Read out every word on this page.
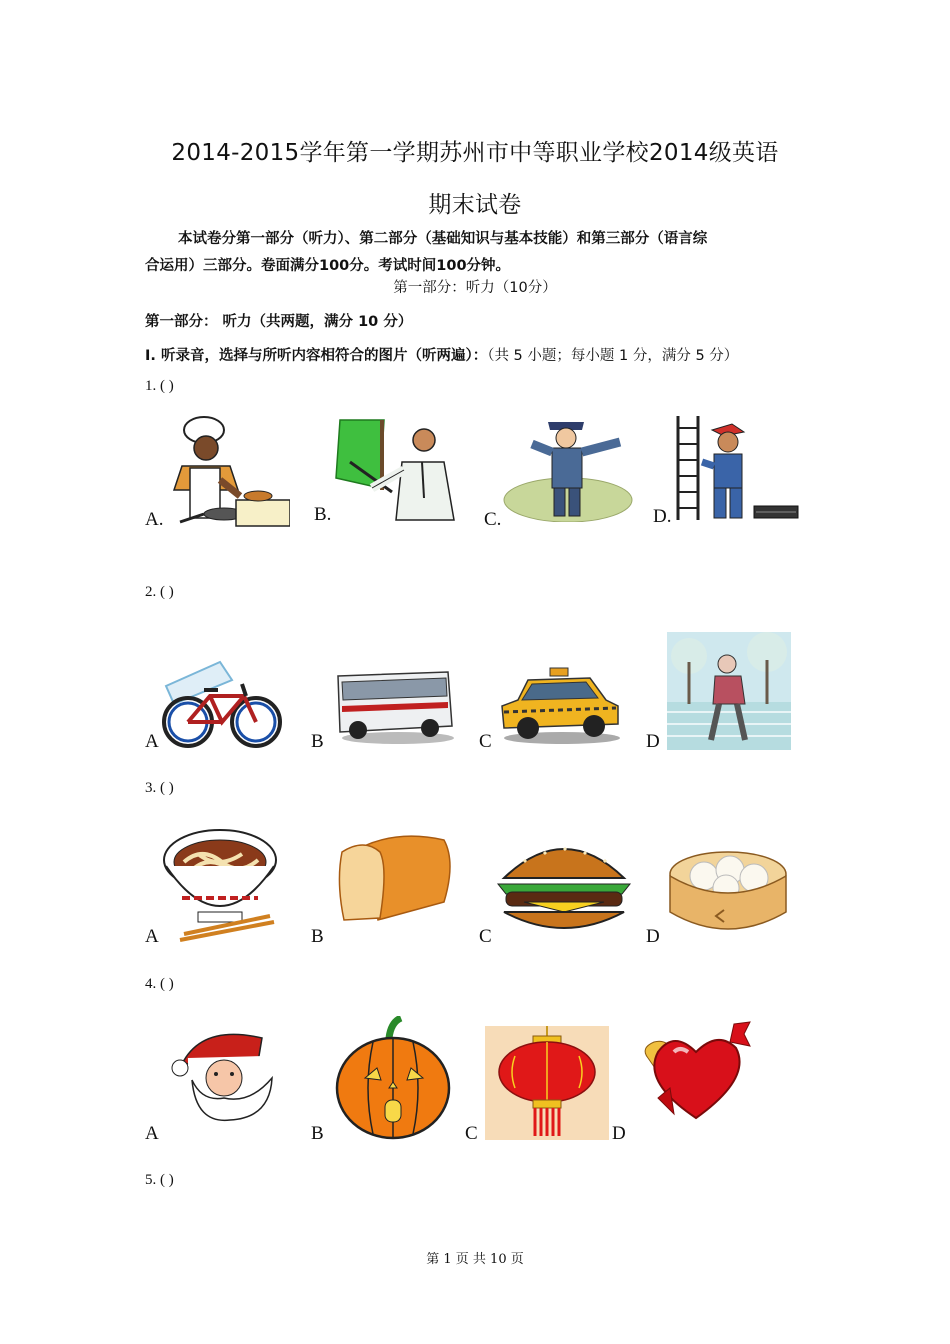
2014-2015学年第一学期苏州市中等职业学校2014级英语
期末试卷
本试卷分第一部分（听力）、第二部分（基础知识与基本技能）和第三部分（语言综
合运用）三部分。卷面满分100分。考试时间100分钟。
第一部分：听力（10分）
第一部分： 听力（共两题，满分 10 分）
I. 听录音，选择与所听内容相符合的图片（听两遍）：（共 5 小题；每小题 1 分，满分 5 分）
1. ( )
A.	B.	C.	D.
2. ( )
A	B	C	D
3. ( )
A	B	C	D
4. ( )
A	B	C	D
5. ( )
第 1 页 共 10 页
